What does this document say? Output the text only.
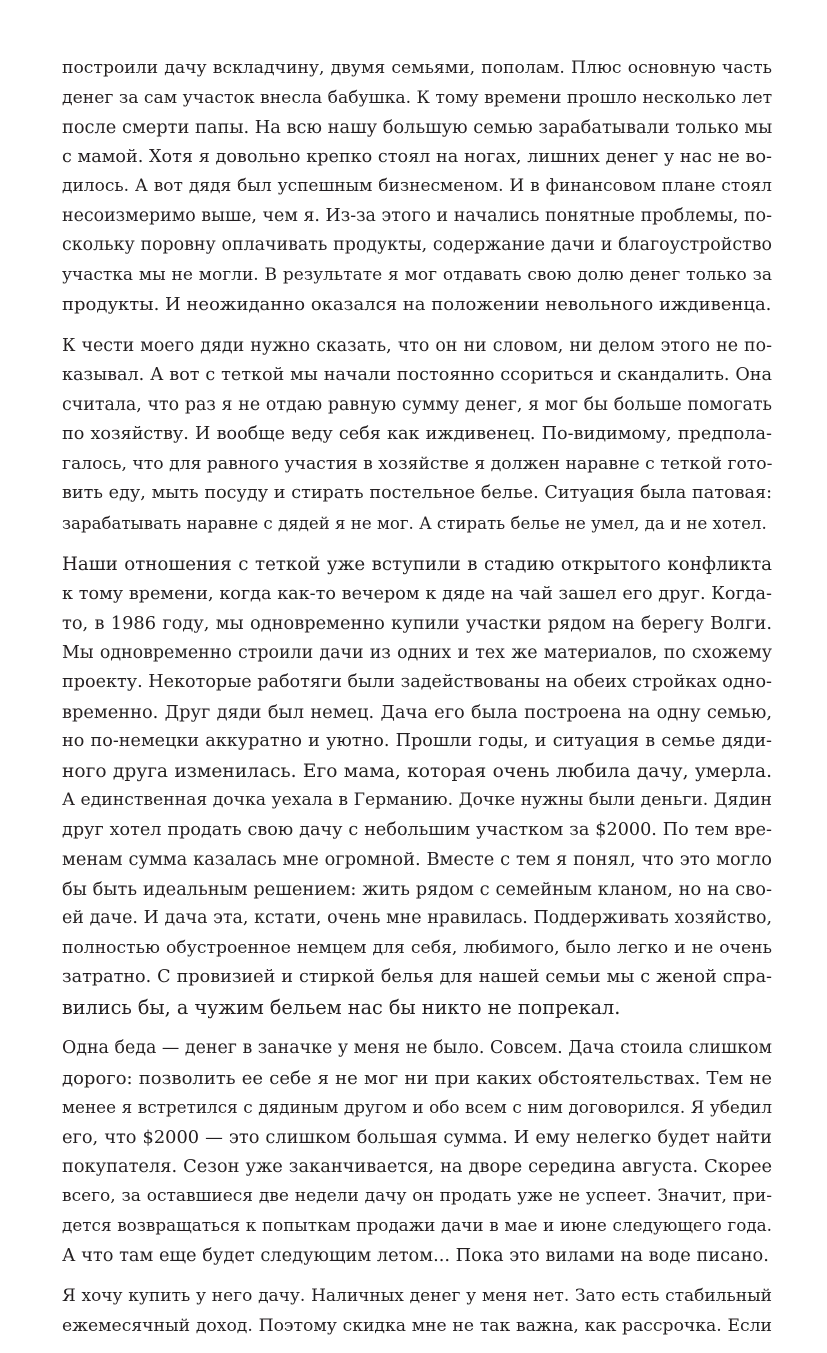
построили дачу вскладчину, двумя семьями, пополам. Плюс основную часть
денег за сам участок внесла бабушка. К тому времени прошло несколько лет
после смерти папы. На всю нашу большую семью зарабатывали только мы
с мамой. Хотя я довольно крепко стоял на ногах, лишних денег у нас не во-
дилось. А вот дядя был успешным бизнесменом. И в финансовом плане стоял
несоизмеримо выше, чем я. Из-за этого и начались понятные проблемы, по-
скольку поровну оплачивать продукты, содержание дачи и благоустройство
участка мы не могли. В результате я мог отдавать свою долю денег только за
продукты. И неожиданно оказался на положении невольного иждивенца.
К чести моего дяди нужно сказать, что он ни словом, ни делом этого не по-
казывал. А вот с теткой мы начали постоянно ссориться и скандалить. Она
считала, что раз я не отдаю равную сумму денег, я мог бы больше помогать
по хозяйству. И вообще веду себя как иждивенец. По-видимому, предпола-
галось, что для равного участия в хозяйстве я должен наравне с теткой гото-
вить еду, мыть посуду и стирать постельное белье. Ситуация была патовая:
зарабатывать наравне с дядей я не мог. А стирать белье не умел, да и не хотел.
Наши отношения с теткой уже вступили в стадию открытого конфликта
к тому времени, когда как-то вечером к дяде на чай зашел его друг. Когда-
то, в 1986 году, мы одновременно купили участки рядом на берегу Волги.
Мы одновременно строили дачи из одних и тех же материалов, по схожему
проекту. Некоторые работяги были задействованы на обеих стройках одно-
временно. Друг дяди был немец. Дача его была построена на одну семью,
но по-немецки аккуратно и уютно. Прошли годы, и ситуация в семье дяди-
ного друга изменилась. Его мама, которая очень любила дачу, умерла.
А единственная дочка уехала в Германию. Дочке нужны были деньги. Дядин
друг хотел продать свою дачу с небольшим участком за $2000. По тем вре-
менам сумма казалась мне огромной. Вместе с тем я понял, что это могло
бы быть идеальным решением: жить рядом с семейным кланом, но на сво-
ей даче. И дача эта, кстати, очень мне нравилась. Поддерживать хозяйство,
полностью обустроенное немцем для себя, любимого, было легко и не очень
затратно. С провизией и стиркой белья для нашей семьи мы с женой спра-
вились бы, а чужим бельем нас бы никто не попрекал.
Одна беда — денег в заначке у меня не было. Совсем. Дача стоила слишком
дорого: позволить ее себе я не мог ни при каких обстоятельствах. Тем не
менее я встретился с дядиным другом и обо всем с ним договорился. Я убедил
его, что $2000 — это слишком большая сумма. И ему нелегко будет найти
покупателя. Сезон уже заканчивается, на дворе середина августа. Скорее
всего, за оставшиеся две недели дачу он продать уже не успеет. Значит, при-
дется возвращаться к попыткам продажи дачи в мае и июне следующего года.
А что там еще будет следующим летом... Пока это вилами на воде писано.
Я хочу купить у него дачу. Наличных денег у меня нет. Зато есть стабильный
ежемесячный доход. Поэтому скидка мне не так важна, как рассрочка. Если
